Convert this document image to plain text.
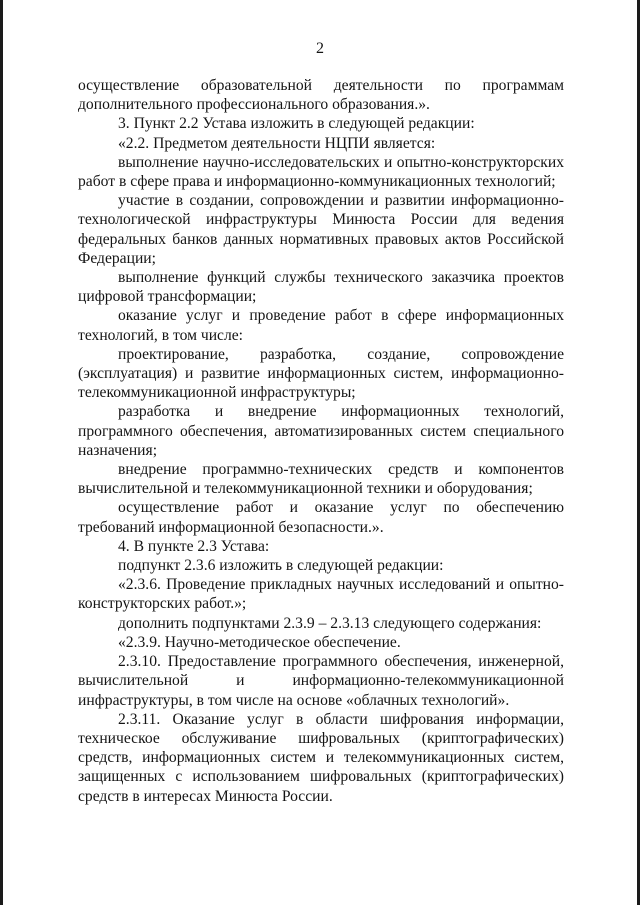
2

осуществление образовательной деятельности по программам дополнительного профессионального образования.».

3. Пункт 2.2 Устава изложить в следующей редакции:

«2.2. Предметом деятельности НЦПИ является:

выполнение научно-исследовательских и опытно-конструкторских работ в сфере права и информационно-коммуникационных технологий;

участие в создании, сопровождении и развитии информационно-технологической инфраструктуры Минюста России для ведения федеральных банков данных нормативных правовых актов Российской Федерации;

выполнение функций службы технического заказчика проектов цифровой трансформации;

оказание услуг и проведение работ в сфере информационных технологий, в том числе:

проектирование, разработка, создание, сопровождение (эксплуатация) и развитие информационных систем, информационно-телекоммуникационной инфраструктуры;

разработка и внедрение информационных технологий, программного обеспечения, автоматизированных систем специального назначения;

внедрение программно-технических средств и компонентов вычислительной и телекоммуникационной техники и оборудования;

осуществление работ и оказание услуг по обеспечению требований информационной безопасности.».

4. В пункте 2.3 Устава:

подпункт 2.3.6 изложить в следующей редакции:

«2.3.6. Проведение прикладных научных исследований и опытно-конструкторских работ.»;

дополнить подпунктами 2.3.9 – 2.3.13 следующего содержания:

«2.3.9. Научно-методическое обеспечение.

2.3.10. Предоставление программного обеспечения, инженерной, вычислительной и информационно-телекоммуникационной инфраструктуры, в том числе на основе «облачных технологий».

2.3.11. Оказание услуг в области шифрования информации, техническое обслуживание шифровальных (криптографических) средств, информационных систем и телекоммуникационных систем, защищенных с использованием шифровальных (криптографических) средств в интересах Минюста России.
